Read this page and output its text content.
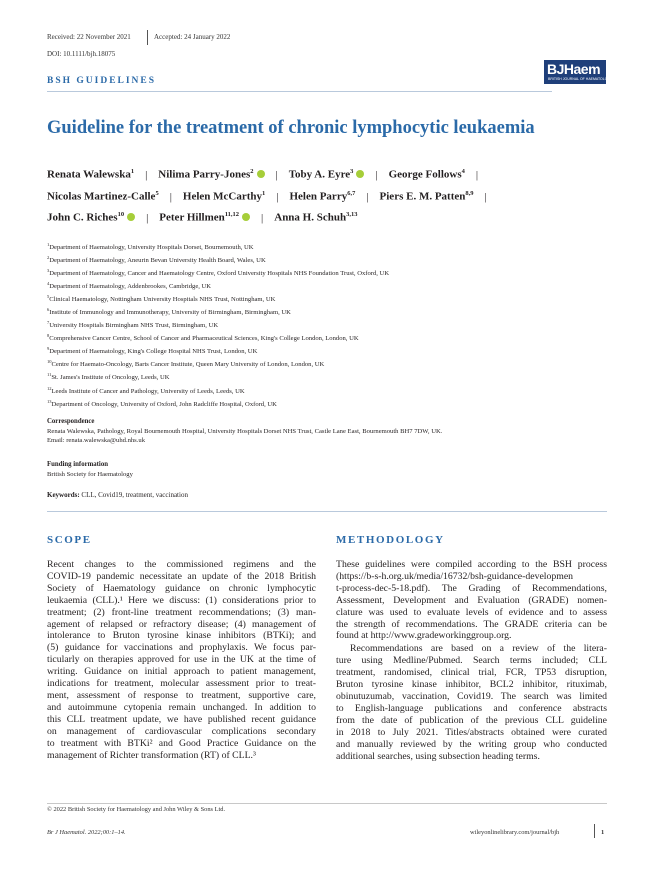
Received: 22 November 2021	Accepted: 24 January 2022
DOI: 10.1111/bjh.18075
BSH GUIDELINES
BJHaem
BRITISH JOURNAL OF HAEMATOLOGY
Guideline for the treatment of chronic lymphocytic leukaemia
Renata Walewska$^1$ | Nilima Parry-Jones$^2$ | Toby A. Eyre$^3$ | George Follows$^4$ |
Nicolas Martinez-Calle$^5$ | Helen McCarthy$^1$ | Helen Parry$^{6,7}$ | Piers E. M. Patten$^{8,9}$ |
John C. Riches$^{10}$ | Peter Hillmen$^{11,12}$ | Anna H. Schuh$^{3,13}$
$^1$Department of Haematology, University Hospitals Dorset, Bournemouth, UK
$^2$Department of Haematology, Aneurin Bevan University Health Board, Wales, UK
$^3$Department of Haematology, Cancer and Haematology Centre, Oxford University Hospitals NHS Foundation Trust, Oxford, UK
$^4$Department of Haematology, Addenbrookes, Cambridge, UK
$^5$Clinical Haematology, Nottingham University Hospitals NHS Trust, Nottingham, UK
$^6$Institute of Immunology and Immunotherapy, University of Birmingham, Birmingham, UK
$^7$University Hospitals Birmingham NHS Trust, Birmingham, UK
$^8$Comprehensive Cancer Centre, School of Cancer and Pharmaceutical Sciences, King's College London, London, UK
$^9$Department of Haematology, King's College Hospital NHS Trust, London, UK
$^{10}$Centre for Haemato-Oncology, Barts Cancer Institute, Queen Mary University of London, London, UK
$^{11}$St. James's Institute of Oncology, Leeds, UK
$^{12}$Leeds Institute of Cancer and Pathology, University of Leeds, Leeds, UK
$^{13}$Department of Oncology, University of Oxford, John Radcliffe Hospital, Oxford, UK
Correspondence
Renata Walewska, Pathology, Royal Bournemouth Hospital, University Hospitals Dorset NHS Trust, Castle Lane East, Bournemouth BH7 7DW, UK.
Email: renata.walewska@uhd.nhs.uk
Funding information
British Society for Haematology
Keywords: CLL, Covid19, treatment, vaccination
SCOPE
Recent changes to the commissioned regimens and the
COVID-19 pandemic necessitate an update of the 2018 British
Society of Haematology guidance on chronic lymphocytic
leukaemia (CLL).¹ Here we discuss: (1) considerations prior to
treatment; (2) front-line treatment recommendations; (3) man-
agement of relapsed or refractory disease; (4) management of
intolerance to Bruton tyrosine kinase inhibitors (BTKi); and
(5) guidance for vaccinations and prophylaxis. We focus par-
ticularly on therapies approved for use in the UK at the time of
writing. Guidance on initial approach to patient management,
indications for treatment, molecular assessment prior to treat-
ment, assessment of response to treatment, supportive care,
and autoimmune cytopenia remain unchanged. In addition to
this CLL treatment update, we have published recent guidance
on management of cardiovascular complications secondary
to treatment with BTKi² and Good Practice Guidance on the
management of Richter transformation (RT) of CLL.³
METHODOLOGY
These guidelines were compiled according to the BSH process
(https://b-s-h.org.uk/media/16732/bsh-guidance-developmen
t-process-dec-5-18.pdf). The Grading of Recommendations,
Assessment, Development and Evaluation (GRADE) nomen-
clature was used to evaluate levels of evidence and to assess
the strength of recommendations. The GRADE criteria can be
found at http://www.gradeworkinggroup.org.
Recommendations are based on a review of the litera-
ture using Medline/Pubmed. Search terms included; CLL
treatment, randomised, clinical trial, FCR, TP53 disruption,
Bruton tyrosine kinase inhibitor, BCL2 inhibitor, rituximab,
obinutuzumab, vaccination, Covid19. The search was limited
to English-language publications and conference abstracts
from the date of publication of the previous CLL guideline
in 2018 to July 2021. Titles/abstracts obtained were curated
and manually reviewed by the writing group who conducted
additional searches, using subsection heading terms.
© 2022 British Society for Haematology and John Wiley & Sons Ltd.
Br J Haematol. 2022;00:1–14.	wileyonlinelibrary.com/journal/bjh	1
